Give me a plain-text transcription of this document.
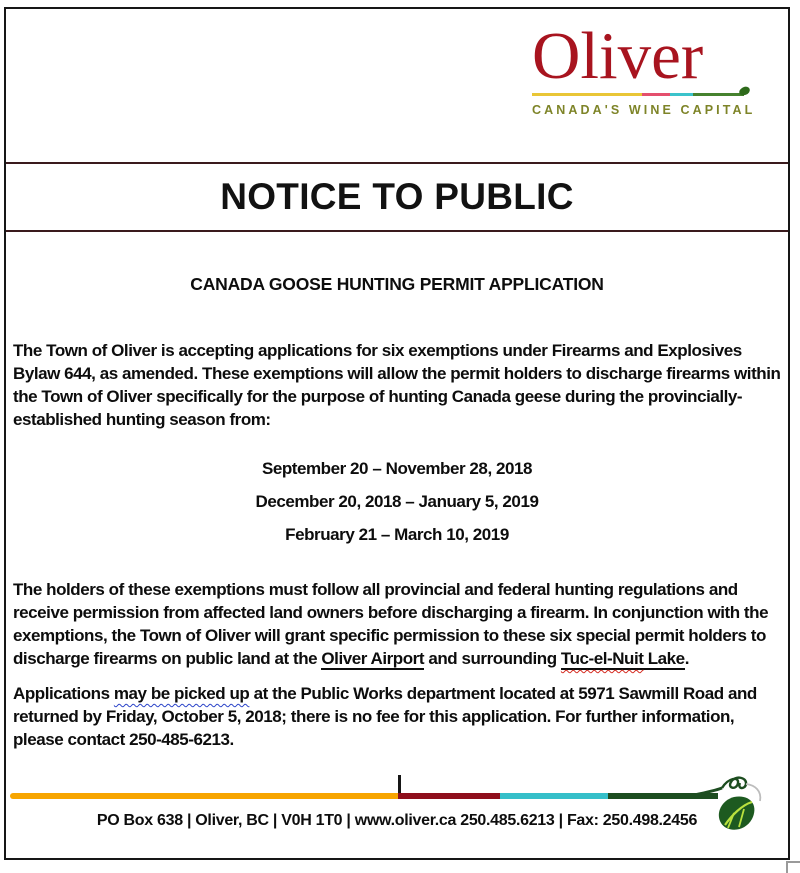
Oliver
CANADA'S WINE CAPITAL
NOTICE TO PUBLIC
CANADA GOOSE HUNTING PERMIT APPLICATION

The Town of Oliver is accepting applications for six exemptions under Firearms and Explosives Bylaw 644, as amended. These exemptions will allow the permit holders to discharge firearms within the Town of Oliver specifically for the purpose of hunting Canada geese during the provincially-established hunting season from:

September 20 – November 28, 2018

December 20, 2018 – January 5, 2019

February 21 – March 10, 2019

The holders of these exemptions must follow all provincial and federal hunting regulations and receive permission from affected land owners before discharging a firearm. In conjunction with the exemptions, the Town of Oliver will grant specific permission to these six special permit holders to discharge firearms on public land at the Oliver Airport and surrounding Tuc-el-Nuit Lake.

Applications may be picked up at the Public Works department located at 5971 Sawmill Road and returned by Friday, October 5, 2018; there is no fee for this application. For further information, please contact 250-485-6213.

PO Box 638 | Oliver, BC | V0H 1T0 | www.oliver.ca 250.485.6213 | Fax: 250.498.2456
